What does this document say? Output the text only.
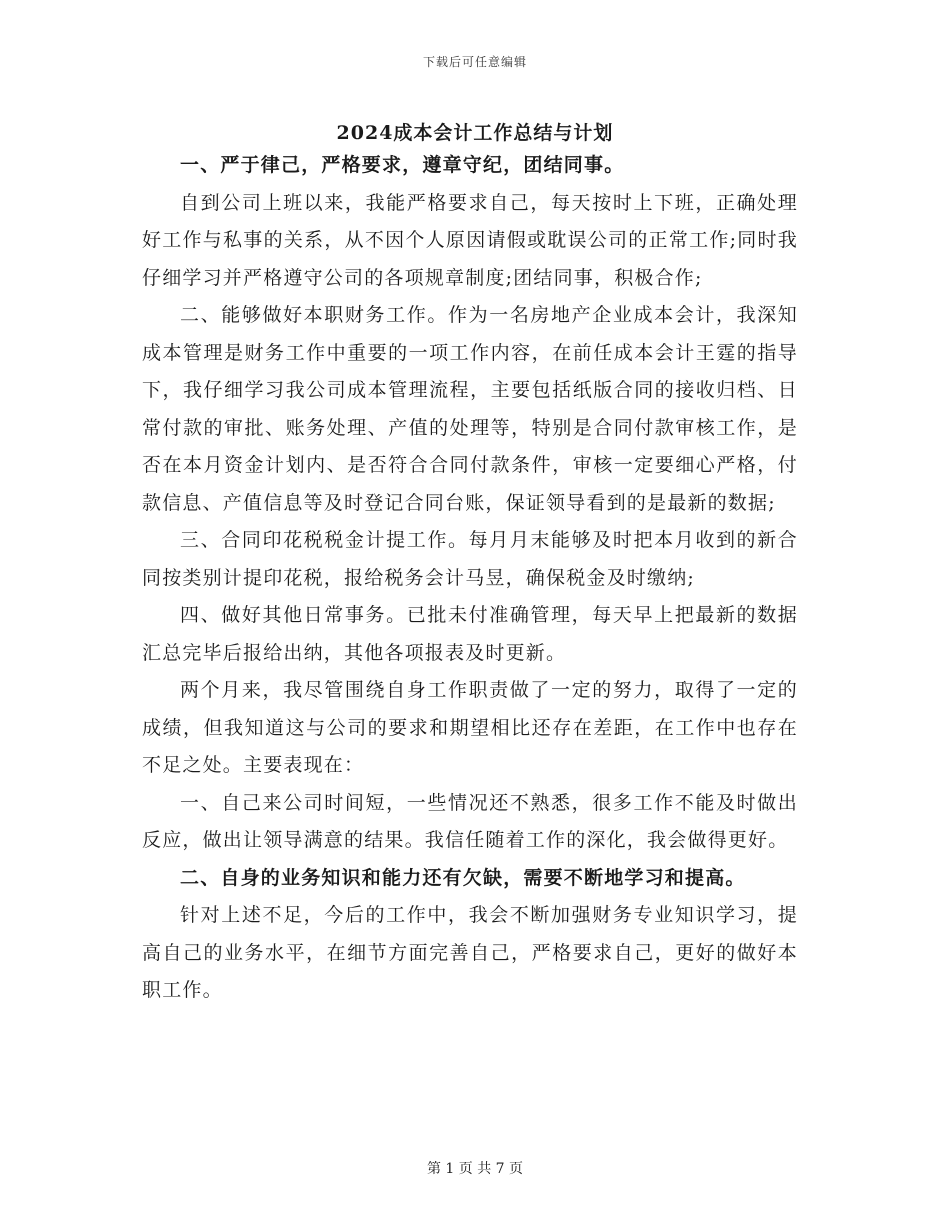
下载后可任意编辑
2024成本会计工作总结与计划

一、严于律己，严格要求，遵章守纪，团结同事。

自到公司上班以来，我能严格要求自己，每天按时上下班，正确处理好工作与私事的关系，从不因个人原因请假或耽误公司的正常工作;同时我仔细学习并严格遵守公司的各项规章制度;团结同事，积极合作;

二、能够做好本职财务工作。作为一名房地产企业成本会计，我深知成本管理是财务工作中重要的一项工作内容，在前任成本会计王霆的指导下，我仔细学习我公司成本管理流程，主要包括纸版合同的接收归档、日常付款的审批、账务处理、产值的处理等，特别是合同付款审核工作，是否在本月资金计划内、是否符合合同付款条件，审核一定要细心严格，付款信息、产值信息等及时登记合同台账，保证领导看到的是最新的数据;

三、合同印花税税金计提工作。每月月末能够及时把本月收到的新合同按类别计提印花税，报给税务会计马昱，确保税金及时缴纳;

四、做好其他日常事务。已批未付准确管理，每天早上把最新的数据汇总完毕后报给出纳，其他各项报表及时更新。

两个月来，我尽管围绕自身工作职责做了一定的努力，取得了一定的成绩，但我知道这与公司的要求和期望相比还存在差距，在工作中也存在不足之处。主要表现在：

一、自己来公司时间短，一些情况还不熟悉，很多工作不能及时做出反应，做出让领导满意的结果。我信任随着工作的深化，我会做得更好。

二、自身的业务知识和能力还有欠缺，需要不断地学习和提高。

针对上述不足，今后的工作中，我会不断加强财务专业知识学习，提高自己的业务水平，在细节方面完善自己，严格要求自己，更好的做好本职工作。

第 1 页 共 7 页
